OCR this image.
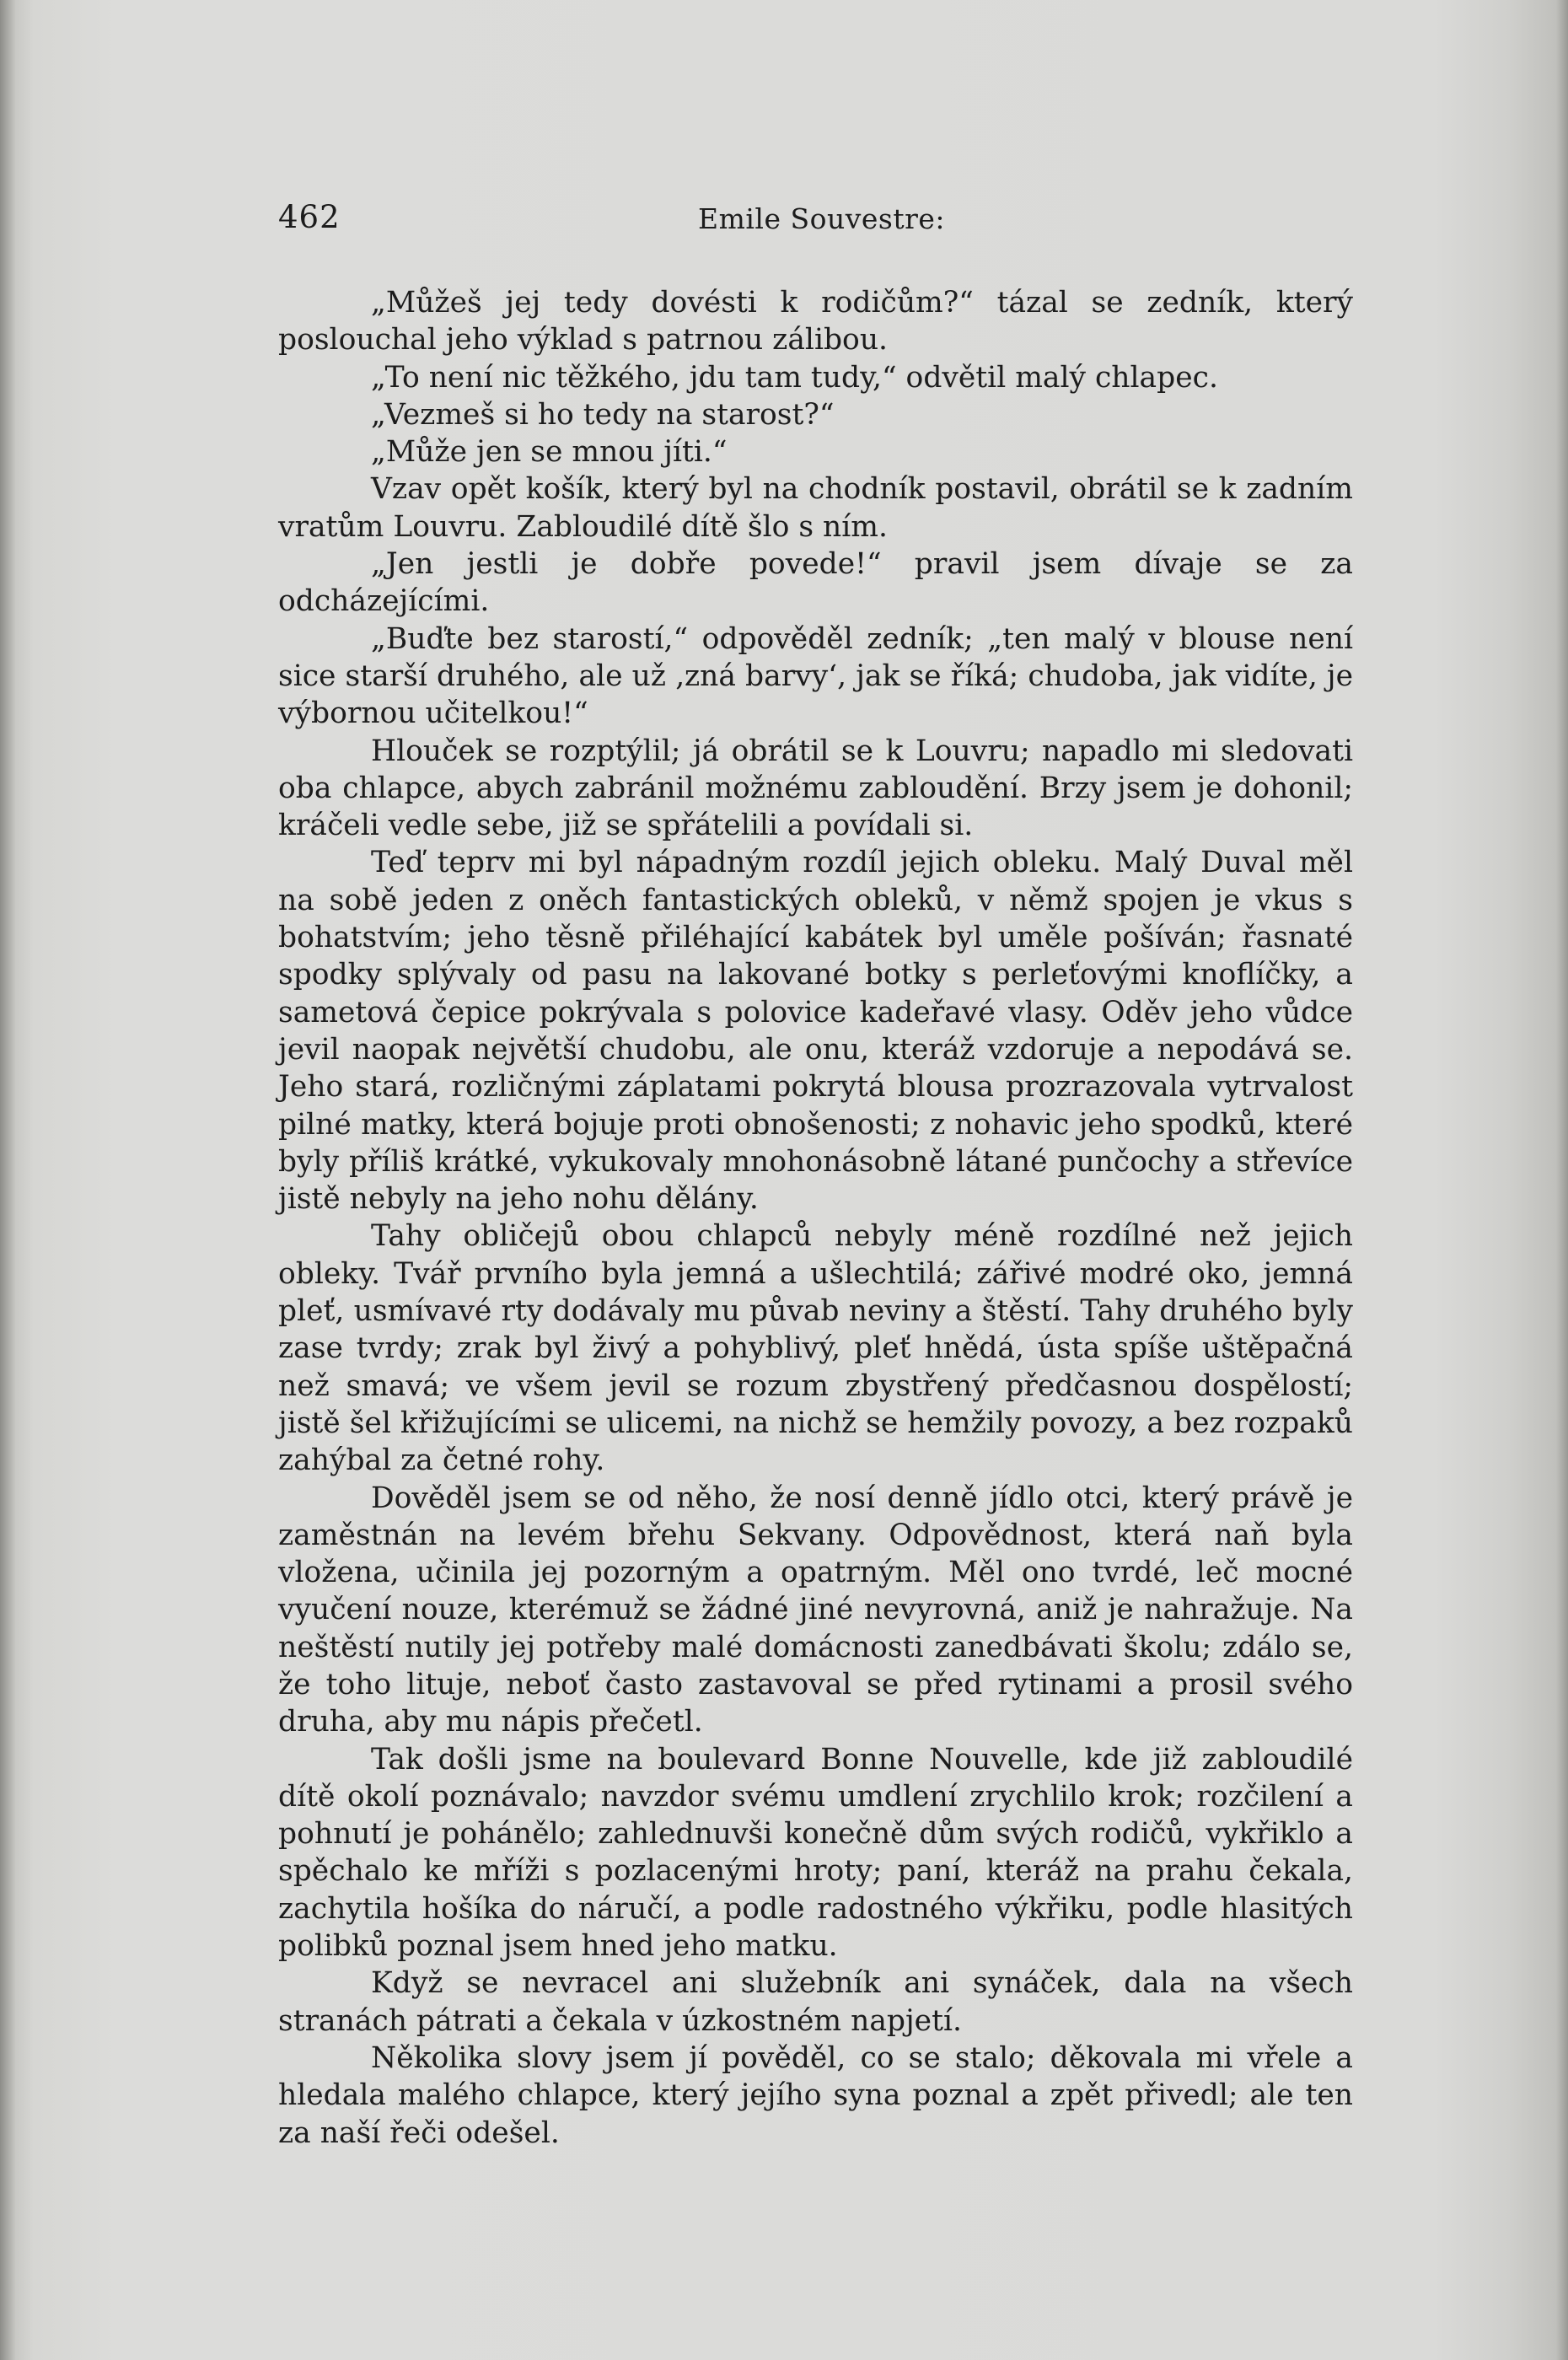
462	Emile Souvestre:

„Můžeš jej tedy dovésti k rodičům?“ tázal se zedník, který poslouchal jeho výklad s patrnou zálibou.

„To není nic těžkého, jdu tam tudy,“ odvětil malý chlapec.

„Vezmeš si ho tedy na starost?“

„Může jen se mnou jíti.“

Vzav opět košík, který byl na chodník postavil, obrátil se k zadním vratům Louvru. Zabloudilé dítě šlo s ním.

„Jen jestli je dobře povede!“ pravil jsem dívaje se za odcházejícími.

„Buďte bez starostí,“ odpověděl zedník; „ten malý v blouse není sice starší druhého, ale už ‚zná barvy‘, jak se říká; chudoba, jak vidíte, je výbornou učitelkou!“

Hlouček se rozptýlil; já obrátil se k Louvru; napadlo mi sledovati oba chlapce, abych zabránil možnému zabloudění. Brzy jsem je dohonil; kráčeli vedle sebe, již se spřátelili a povídali si.

Teď teprv mi byl nápadným rozdíl jejich obleku. Malý Duval měl na sobě jeden z oněch fantastických obleků, v němž spojen je vkus s bohatstvím; jeho těsně přiléhající kabátek byl uměle pošíván; řasnaté spodky splývaly od pasu na lakované botky s perleťovými knoflíčky, a sametová čepice pokrývala s polovice kadeřavé vlasy. Oděv jeho vůdce jevil naopak největší chudobu, ale onu, kteráž vzdoruje a nepodává se. Jeho stará, rozličnými záplatami pokrytá blousa prozrazovala vytrvalost pilné matky, která bojuje proti obnošenosti; z nohavic jeho spodků, které byly příliš krátké, vykukovaly mnohonásobně látané punčochy a střevíce jistě nebyly na jeho nohu dělány.

Tahy obličejů obou chlapců nebyly méně rozdílné než jejich obleky. Tvář prvního byla jemná a ušlechtilá; zářivé modré oko, jemná pleť, usmívavé rty dodávaly mu půvab neviny a štěstí. Tahy druhého byly zase tvrdy; zrak byl živý a pohyblivý, pleť hnědá, ústa spíše uštěpačná než smavá; ve všem jevil se rozum zbystřený předčasnou dospělostí; jistě šel křižujícími se ulicemi, na nichž se hemžily povozy, a bez rozpaků zahýbal za četné rohy.

Dověděl jsem se od něho, že nosí denně jídlo otci, který právě je zaměstnán na levém břehu Sekvany. Odpovědnost, která naň byla vložena, učinila jej pozorným a opatrným. Měl ono tvrdé, leč mocné vyučení nouze, kterémuž se žádné jiné nevyrovná, aniž je nahražuje. Na neštěstí nutily jej potřeby malé domácnosti zanedbávati školu; zdálo se, že toho lituje, neboť často zastavoval se před rytinami a prosil svého druha, aby mu nápis přečetl.

Tak došli jsme na boulevard Bonne Nouvelle, kde již zabloudilé dítě okolí poznávalo; navzdor svému umdlení zrychlilo krok; rozčilení a pohnutí je pohánělo; zahlednuvši konečně dům svých rodičů, vykřiklo a spěchalo ke mříži s pozlacenými hroty; paní, kteráž na prahu čekala, zachytila hošíka do náručí, a podle radostného výkřiku, podle hlasitých polibků poznal jsem hned jeho matku.

Když se nevracel ani služebník ani synáček, dala na všech stranách pátrati a čekala v úzkostném napjetí.

Několika slovy jsem jí pověděl, co se stalo; děkovala mi vřele a hledala malého chlapce, který jejího syna poznal a zpět přivedl; ale ten za naší řeči odešel.
